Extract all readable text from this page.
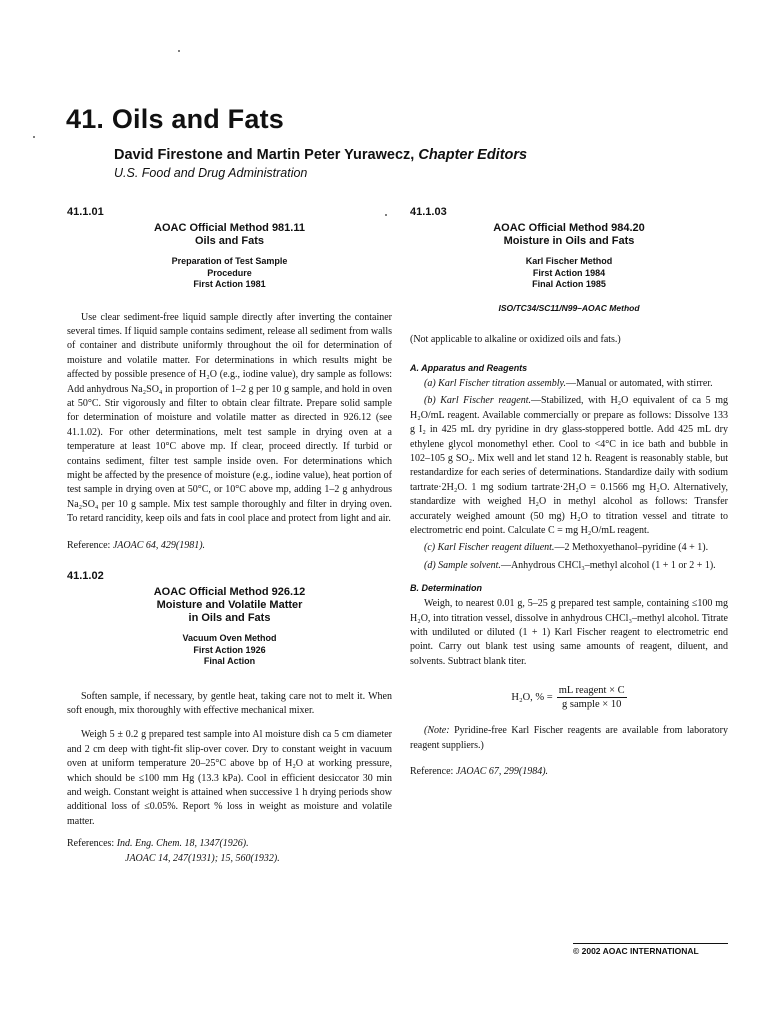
41. Oils and Fats

David Firestone and Martin Peter Yurawecz, Chapter Editors

U.S. Food and Drug Administration

41.1.01
AOAC Official Method 981.11
Oils and Fats
Preparation of Test Sample
Procedure
First Action 1981

Use clear sediment-free liquid sample directly after inverting the container several times. If liquid sample contains sediment, release all sediment from walls of container and distribute uniformly throughout the oil for determination of moisture and volatile matter. For determinations in which results might be affected by possible presence of H₂O (e.g., iodine value), dry sample as follows: Add anhydrous Na₂SO₄ in proportion of 1–2 g per 10 g sample, and hold in oven at 50°C. Stir vigorously and filter to obtain clear filtrate. Prepare solid sample for determination of moisture and volatile matter as directed in 926.12 (see 41.1.02). For other determinations, melt test sample in drying oven at a temperature at least 10°C above mp. If clear, proceed directly. If turbid or contains sediment, filter test sample inside oven. For determinations which might be affected by the presence of moisture (e.g., iodine value), heat portion of test sample in drying oven at 50°C, or 10°C above mp, adding 1–2 g anhydrous Na₂SO₄ per 10 g sample. Mix test sample thoroughly and filter in drying oven. To retard rancidity, keep oils and fats in cool place and protect from light and air.

Reference: JAOAC 64, 429(1981).
41.1.02
AOAC Official Method 926.12
Moisture and Volatile Matter
in Oils and Fats
Vacuum Oven Method
First Action 1926
Final Action

Soften sample, if necessary, by gentle heat, taking care not to melt it. When soft enough, mix thoroughly with effective mechanical mixer.

Weigh 5 ± 0.2 g prepared test sample into Al moisture dish ca 5 cm diameter and 2 cm deep with tight-fit slip-over cover. Dry to constant weight in vacuum oven at uniform temperature 20–25°C above bp of H₂O at working pressure, which should be ≤100 mm Hg (13.3 kPa). Cool in efficient desiccator 30 min and weigh. Constant weight is attained when successive 1 h drying periods show additional loss of ≤0.05%. Report % loss in weight as moisture and volatile matter.

References: Ind. Eng. Chem. 18, 1347(1926).
JAOAC 14, 247(1931); 15, 560(1932).
41.1.03
AOAC Official Method 984.20
Moisture in Oils and Fats
Karl Fischer Method
First Action 1984
Final Action 1985
ISO/TC34/SC11/N99–AOAC Method

(Not applicable to alkaline or oxidized oils and fats.)

A. Apparatus and Reagents

(a) Karl Fischer titration assembly.—Manual or automated, with stirrer.

(b) Karl Fischer reagent.—Stabilized, with H₂O equivalent of ca 5 mg H₂O/mL reagent. Available commercially or prepare as follows: Dissolve 133 g I₂ in 425 mL dry pyridine in dry glass-stoppered bottle. Add 425 mL dry ethylene glycol monomethyl ether. Cool to <4°C in ice bath and bubble in 102–105 g SO₂. Mix well and let stand 12 h. Reagent is reasonably stable, but restandardize for each series of determinations. Standardize daily with sodium tartrate·2H₂O. 1 mg sodium tartrate·2H₂O = 0.1566 mg H₂O. Alternatively, standardize with weighed H₂O in methyl alcohol as follows: Transfer accurately weighed amount (50 mg) H₂O to titration vessel and titrate to electrometric end point. Calculate C = mg H₂O/mL reagent.

(c) Karl Fischer reagent diluent.—2 Methoxyethanol–pyridine (4 + 1).

(d) Sample solvent.—Anhydrous CHCl₃–methyl alcohol (1 + 1 or 2 + 1).

B. Determination

Weigh, to nearest 0.01 g, 5–25 g prepared test sample, containing ≤100 mg H₂O, into titration vessel, dissolve in anhydrous CHCl₃–methyl alcohol. Titrate with undiluted or diluted (1 + 1) Karl Fischer reagent to electrometric end point. Carry out blank test using same amounts of reagent, diluent, and solvents. Subtract blank titer.

H₂O, % = $\frac{\text{mL reagent × C}}{\text{g sample × 10}}$

(Note: Pyridine-free Karl Fischer reagents are available from laboratory reagent suppliers.)

Reference: JAOAC 67, 299(1984).
© 2002 AOAC INTERNATIONAL
